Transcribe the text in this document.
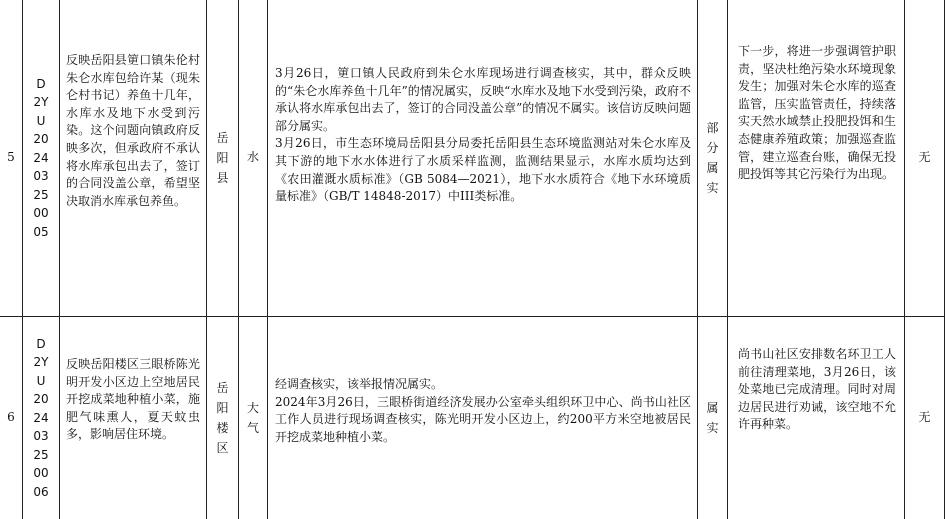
5
D2YU202403250005
反映岳阳县筻口镇朱伦村朱仑水库包给许某（现朱仑村书记）养鱼十几年，水库水及地下水受到污染。这个问题向镇政府反映多次，但承政府不承认将水库承包出去了，签订的合同没盖公章，希望坚决取消水库承包养鱼。
岳阳县
水
3月26日，筻口镇人民政府到朱仑水库现场进行调查核实，其中，群众反映的“朱仑水库养鱼十几年”的情况属实，反映“水库水及地下水受到污染，政府不承认将水库承包出去了，签订的合同没盖公章”的情况不属实。该信访反映问题部分属实。
3月26日，市生态环境局岳阳县分局委托岳阳县生态环境监测站对朱仑水库及其下游的地下水水体进行了水质采样监测，监测结果显示，水库水质均达到《农田灌溉水质标准》（GB 5084—2021），地下水水质符合《地下水环境质量标准》（GB/T 14848-2017）中III类标准。
部分属实
下一步，将进一步强调管护职责，坚决杜绝污染水环境现象发生；加强对朱仑水库的巡查监管，压实监管责任，持续落实天然水域禁止投肥投饵和生态健康养殖政策；加强巡查监管，建立巡查台账，确保无投肥投饵等其它污染行为出现。
无
6
D2YU202403250006
反映岳阳楼区三眼桥陈光明开发小区边上空地居民开挖成菜地种植小菜，施肥气味熏人，夏天蚊虫多，影响居住环境。
岳阳楼区
大气
经调查核实，该举报情况属实。
2024年3月26日，三眼桥街道经济发展办公室牵头组织环卫中心、尚书山社区工作人员进行现场调查核实，陈光明开发小区边上，约200平方米空地被居民开挖成菜地种植小菜。
属实
尚书山社区安排数名环卫工人前往清理菜地，3月26日，该处菜地已完成清理。同时对周边居民进行劝诫，该空地不允许再种菜。
无
